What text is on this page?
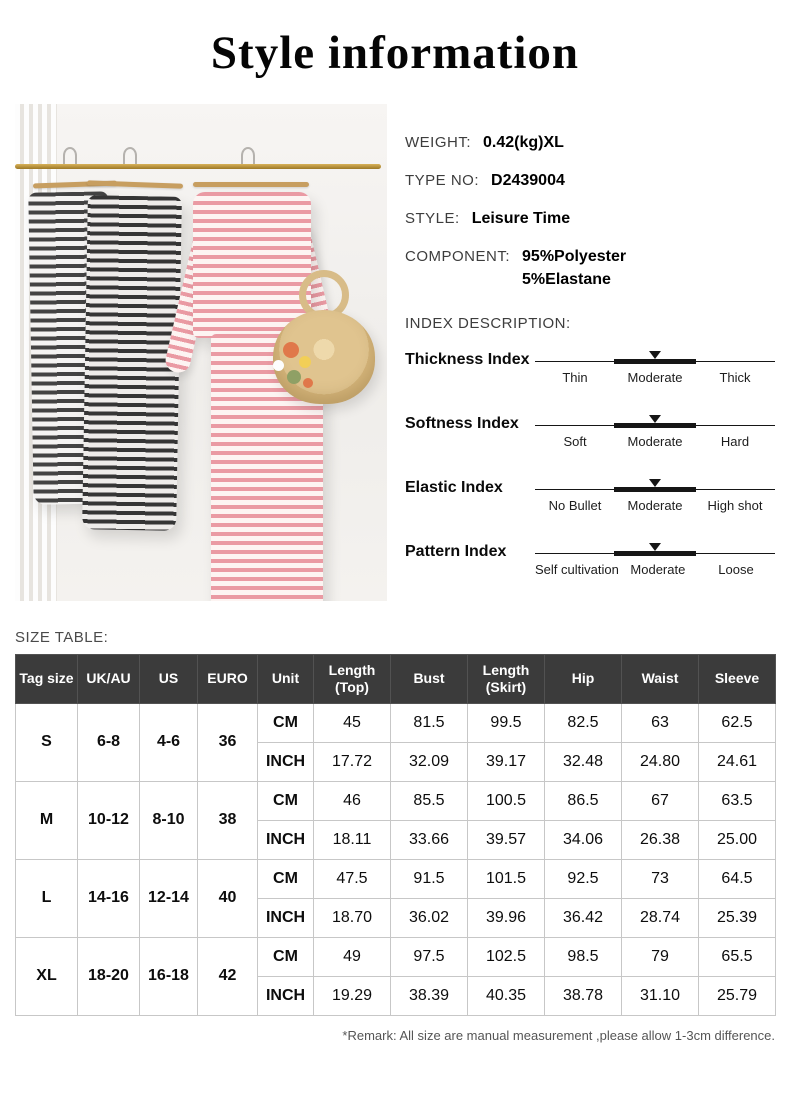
Style information
WEIGHT: 0.42(kg)XL
TYPE NO: D2439004
STYLE: Leisure Time
COMPONENT: 95%Polyester
5%Elastane
INDEX DESCRIPTION:
Thickness Index
Thin	Moderate	Thick
Softness Index
Soft	Moderate	Hard
Elastic Index
No Bullet	Moderate	High shot
Pattern Index
Self cultivation Moderate	Loose
SIZE TABLE:
Tag size	UK/AU	US	EURO	Unit	Length (Top)	Bust	Length (Skirt)	Hip	Waist	Sleeve
S	6-8	4-6	36	CM	45	81.5	99.5	82.5	63	62.5
				INCH	17.72	32.09	39.17	32.48	24.80	24.61
M	10-12	8-10	38	CM	46	85.5	100.5	86.5	67	63.5
				INCH	18.11	33.66	39.57	34.06	26.38	25.00
L	14-16	12-14	40	CM	47.5	91.5	101.5	92.5	73	64.5
				INCH	18.70	36.02	39.96	36.42	28.74	25.39
XL	18-20	16-18	42	CM	49	97.5	102.5	98.5	79	65.5
				INCH	19.29	38.39	40.35	38.78	31.10	25.79
*Remark: All size are manual measurement ,please allow 1-3cm difference.
